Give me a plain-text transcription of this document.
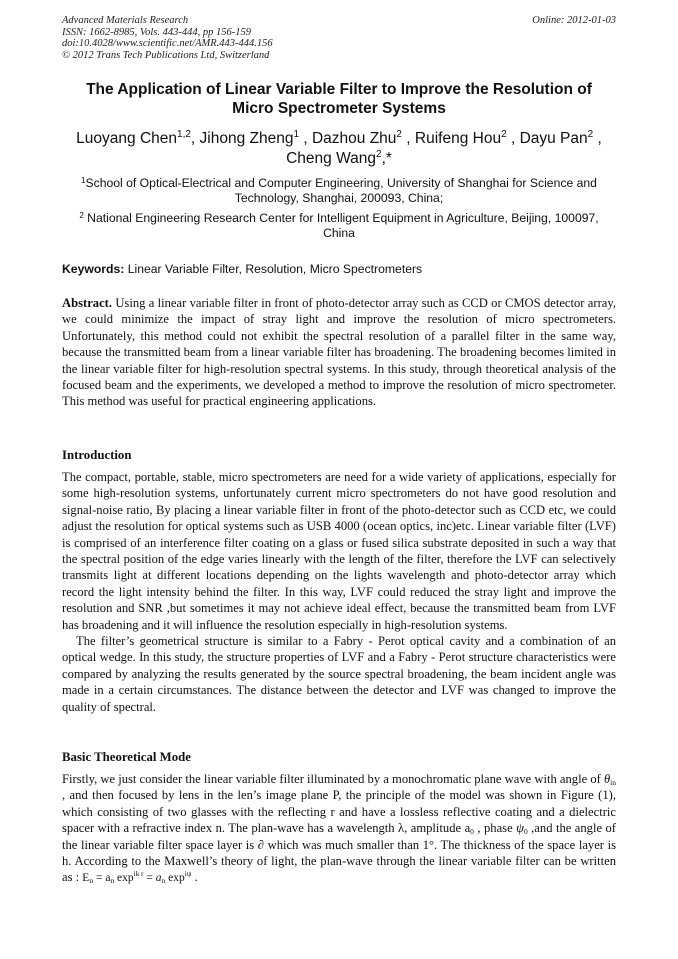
Advanced Materials Research
ISSN: 1662-8985, Vols. 443-444, pp 156-159
doi:10.4028/www.scientific.net/AMR.443-444.156
© 2012 Trans Tech Publications Ltd, Switzerland
Online: 2012-01-03
The Application of Linear Variable Filter to Improve the Resolution of
Micro Spectrometer Systems
Luoyang Chen$^{1,2}$, Jihong Zheng$^1$ , Dazhou Zhu$^2$ , Ruifeng Hou$^2$ , Dayu Pan$^2$ ,
Cheng Wang$^2$,*
$^1$School of Optical-Electrical and Computer Engineering, University of Shanghai for Science and Technology, Shanghai, 200093, China;
$^2$ National Engineering Research Center for Intelligent Equipment in Agriculture, Beijing, 100097, China
Keywords: Linear Variable Filter, Resolution, Micro Spectrometers
Abstract. Using a linear variable filter in front of photo-detector array such as CCD or CMOS detector array, we could minimize the impact of stray light and improve the resolution of micro spectrometers. Unfortunately, this method could not exhibit the spectral resolution of a parallel filter in the same way, because the transmitted beam from a linear variable filter has broadening. The broadening becomes limited in the linear variable filter for high-resolution spectral systems. In this study, through theoretical analysis of the focused beam and the experiments, we developed a method to improve the resolution of micro spectrometer. This method was useful for practical engineering applications.
Introduction
The compact, portable, stable, micro spectrometers are need for a wide variety of applications, especially for some high-resolution systems, unfortunately current micro spectrometers do not have good resolution and signal-noise ratio, By placing a linear variable filter in front of the photo-detector such as CCD etc, we could adjust the resolution for optical systems such as USB 4000 (ocean optics, inc)etc. Linear variable filter (LVF) is comprised of an interference filter coating on a glass or fused silica substrate deposited in such a way that the spectral position of the edge varies linearly with the length of the filter, therefore the LVF can selectively transmits light at different locations depending on the lights wavelength and photo-detector array which record the light intensity behind the filter. In this way, LVF could reduced the stray light and improve the resolution and SNR ,but sometimes it may not achieve ideal effect, because the transmitted beam from LVF has broadening and it will influence the resolution especially in high-resolution systems.
The filter’s geometrical structure is similar to a Fabry - Perot optical cavity and a combination of an optical wedge. In this study, the structure properties of LVF and a Fabry - Perot structure characteristics were compared by analyzing the results generated by the source spectral broadening, the beam incident angle was made in a certain circumstances. The distance between the detector and LVF was changed to improve the quality of spectral.
Basic Theoretical Mode
Firstly, we just consider the linear variable filter illuminated by a monochromatic plane wave with angle of $\theta_{in}$ , and then focused by lens in the len’s image plane P, the principle of the model was shown in Figure (1), which consisting of two glasses with the reflecting r and have a lossless reflective coating and a dielectric spacer with a refractive index n. The plan-wave has a wavelength λ, amplitude $a_0$ , phase $\psi_0$ ,and the angle of the linear variable filter space layer is ∂ which was much smaller than 1°. The thickness of the space layer is h. According to the Maxwell’s theory of light, the plan-wave through the linear variable filter can be written as : $E_n = a_n$ $\exp^{ik r} = a_n$ $\exp^{i\psi}$ .
